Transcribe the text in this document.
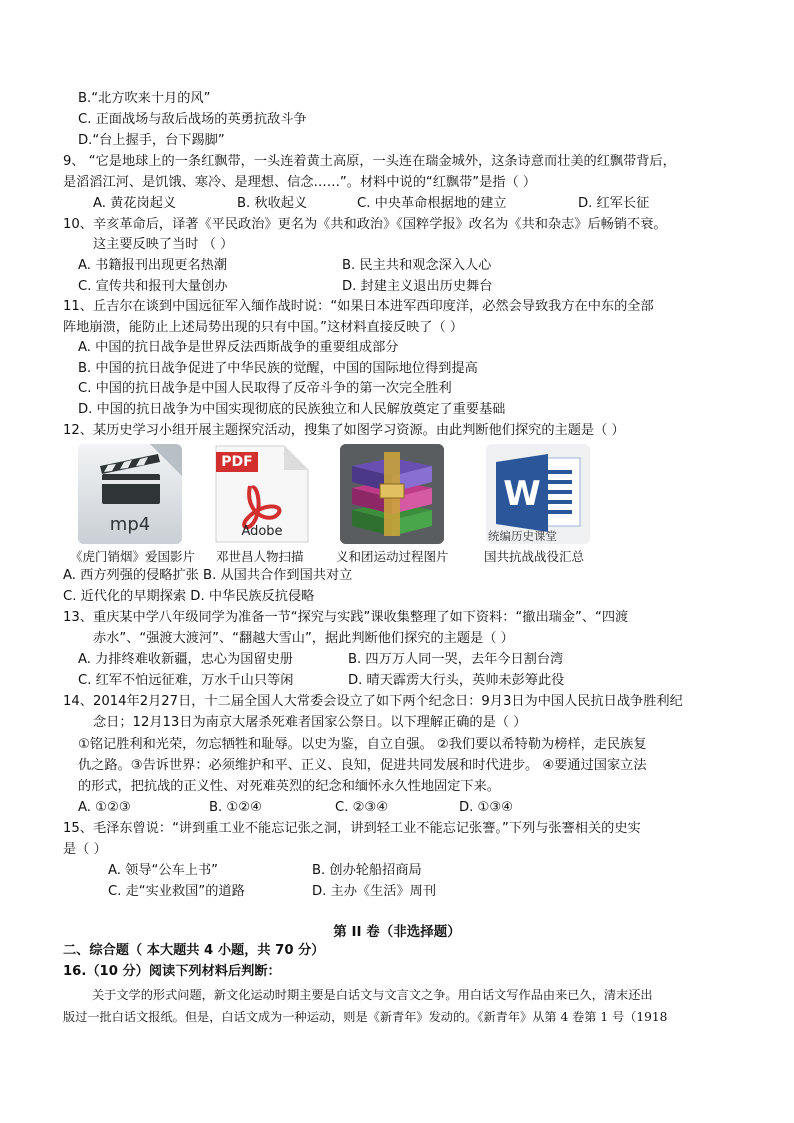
B.“北方吹来十月的风”
C. 正面战场与敌后战场的英勇抗敌斗争
D.“台上握手，台下踢脚”
9、 “它是地球上的一条红飘带，一头连着黄土高原，一头连在瑞金城外，这条诗意而壮美的红飘带背后，
是滔滔江河、是饥饿、寒冷、是理想、信念……”。材料中说的“红飘带”是指（ ）
A. 黄花岗起义	B. 秋收起义	C. 中央革命根据地的建立	D. 红军长征
10、辛亥革命后，译著《平民政治》更名为《共和政治》《国粹学报》改名为《共和杂志》后畅销不衰。
这主要反映了当时 （ ）
A. 书籍报刊出现更名热潮	B. 民主共和观念深入人心
C. 宣传共和报刊大量创办	D. 封建主义退出历史舞台
11、丘吉尔在谈到中国远征军入缅作战时说：“如果日本进军西印度洋，必然会导致我方在中东的全部
阵地崩溃，能防止上述局势出现的只有中国。”这材料直接反映了（ ）
A. 中国的抗日战争是世界反法西斯战争的重要组成部分
B. 中国的抗日战争促进了中华民族的觉醒，中国的国际地位得到提高
C. 中国的抗日战争是中国人民取得了反帝斗争的第一次完全胜利
D. 中国的抗日战争为中国实现彻底的民族独立和人民解放奠定了重要基础
12、某历史学习小组开展主题探究活动，搜集了如图学习资源。由此判断他们探究的主题是（ ）
mp4
PDF
Adobe
W
统编历史课堂
《虎门销烟》爱国影片 邓世昌人物扫描	义和团运动过程图片	国共抗战战役汇总
A. 西方列强的侵略扩张 B. 从国共合作到国共对立
C. 近代化的早期探索 D. 中华民族反抗侵略
13、重庆某中学八年级同学为准备一节“探究与实践”课收集整理了如下资料：“撤出瑞金”、“四渡
赤水”、“强渡大渡河”、“翻越大雪山”，据此判断他们探究的主题是（ ）
A. 力排终难收新疆，忠心为国留史册	B. 四万万人同一哭，去年今日割台湾
C. 红军不怕远征难，万水千山只等闲	D. 晴天霹雳大行头，英帅未彭筹此役
14、2014年2月27日，十二届全国人大常委会设立了如下两个纪念日：9月3日为中国人民抗日战争胜利纪
念日；12月13日为南京大屠杀死难者国家公祭日。以下理解正确的是（ ）
①铭记胜利和光荣，勿忘牺牲和耻辱。以史为鉴，自立自强。 ②我们要以希特勒为榜样，走民族复
仇之路。③告诉世界：必须维护和平、正义、良知，促进共同发展和时代进步。 ④要通过国家立法
的形式，把抗战的正义性、对死难英烈的纪念和缅怀永久性地固定下来。
A. ①②③	B. ①②④	C. ②③④	D. ①③④
15、毛泽东曾说：“讲到重工业不能忘记张之洞，讲到轻工业不能忘记张謇。”下列与张謇相关的史实
是（ ）
A. 领导“公车上书”	B. 创办轮船招商局
C. 走“实业救国”的道路	D. 主办《生活》周刊
第 II 卷（非选择题）
二、综合题（ 本大题共 4 小题，共 70 分）
16.（10 分）阅读下列材料后判断：
关于文学的形式问题，新文化运动时期主要是白话文与文言文之争。用白话文写作品由来已久，清末还出
版过一批白话文报纸。但是，白话文成为一种运动，则是《新青年》发动的。《新青年》从第 4 卷第 1 号（1918
